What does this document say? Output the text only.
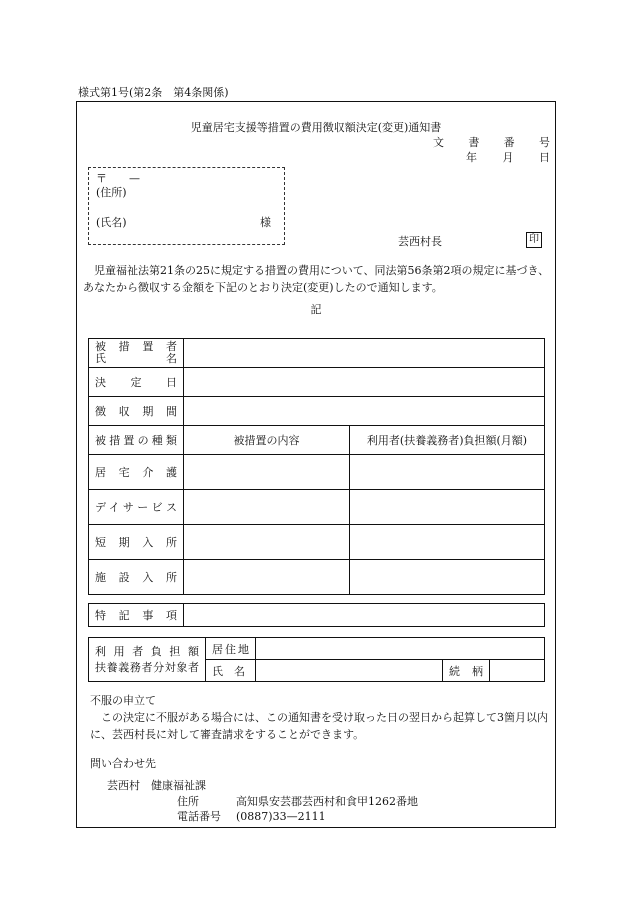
様式第1号(第2条　第4条関係)
児童居宅支援等措置の費用徴収額決定(変更)通知書
文 書 番 号
年 月 日
〒　　—
(住所)
(氏名)	様
芸西村長	印
児童福祉法第21条の25に規定する措置の費用について、同法第56条第2項の規定に基づき、あなたから徴収する金額を下記のとおり決定(変更)したので通知します。
記
被　措　置　者
氏　　　　　名		

決定日		

徴収期間		

被措置の種類	被措置の内容	利用者(扶養義務者)負担額(月額)

居宅介護		

デイサービス		

短期入所		

施設入所		

特記事項

利用者負担額
扶養義務者分対象者	居住地			

	氏名		続柄	

不服の申立て
この決定に不服がある場合には、この通知書を受け取った日の翌日から起算して3箇月以内に、芸西村長に対して審査請求をすることができます。
問い合わせ先
芸西村　健康福祉課
住所	高知県安芸郡芸西村和食甲1262番地
電話番号 (0887)33—2111
